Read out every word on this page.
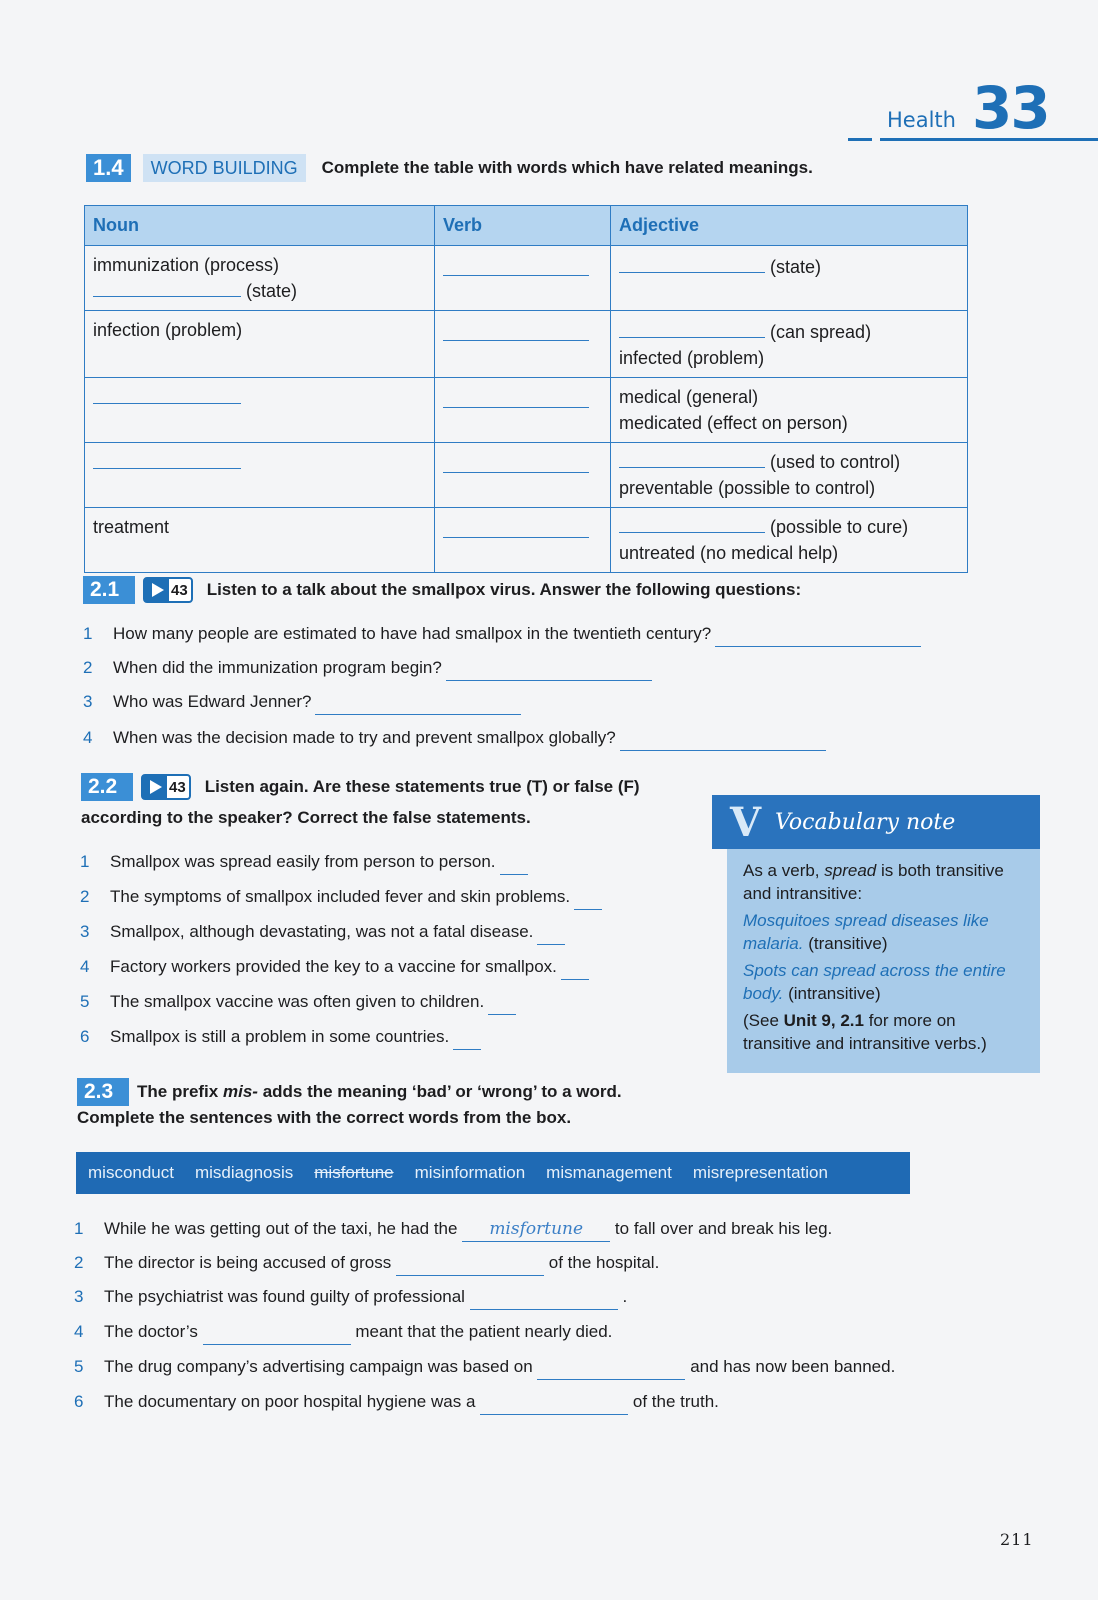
Health 33
1.4	WORD BUILDING	Complete the table with words which have related meanings.
Noun	Verb	Adjective

immunization (process)
(state)		(state)

infection (problem)		(can spread)
infected (problem)

		medical (general)
medicated (effect on person)

		(used to control)
preventable (possible to control)

treatment		(possible to cure)
untreated (no medical help)
2.1	43 Listen to a talk about the smallpox virus. Answer the following questions:
1 How many people are estimated to have had smallpox in the twentieth century?
2 When did the immunization program begin?
3 Who was Edward Jenner?
4 When was the decision made to try and prevent smallpox globally?
2.2	43 Listen again. Are these statements true (T) or false (F)
according to the speaker? Correct the false statements.
1 Smallpox was spread easily from person to person.
2 The symptoms of smallpox included fever and skin problems.
3 Smallpox, although devastating, was not a fatal disease.
4 Factory workers provided the key to a vaccine for smallpox.
5 The smallpox vaccine was often given to children.
6 Smallpox is still a problem in some countries.
V Vocabulary note

As a verb, spread is both transitive and intransitive:

Mosquitoes spread diseases like malaria. (transitive)

Spots can spread across the entire body. (intransitive)

(See Unit 9, 2.1 for more on transitive and intransitive verbs.)

2.3	The prefix mis- adds the meaning ‘bad’ or ‘wrong’ to a word.
Complete the sentences with the correct words from the box.
misconduct misdiagnosis misfortune misinformation mismanagement misrepresentation
1 While he was getting out of the taxi, he had the misfortune to fall over and break his leg.
2 The director is being accused of gross	of the hospital.
3 The psychiatrist was found guilty of professional	.
4 The doctor’s	meant that the patient nearly died.
5 The drug company’s advertising campaign was based on	and has now been banned.
6 The documentary on poor hospital hygiene was a	of the truth.
211
